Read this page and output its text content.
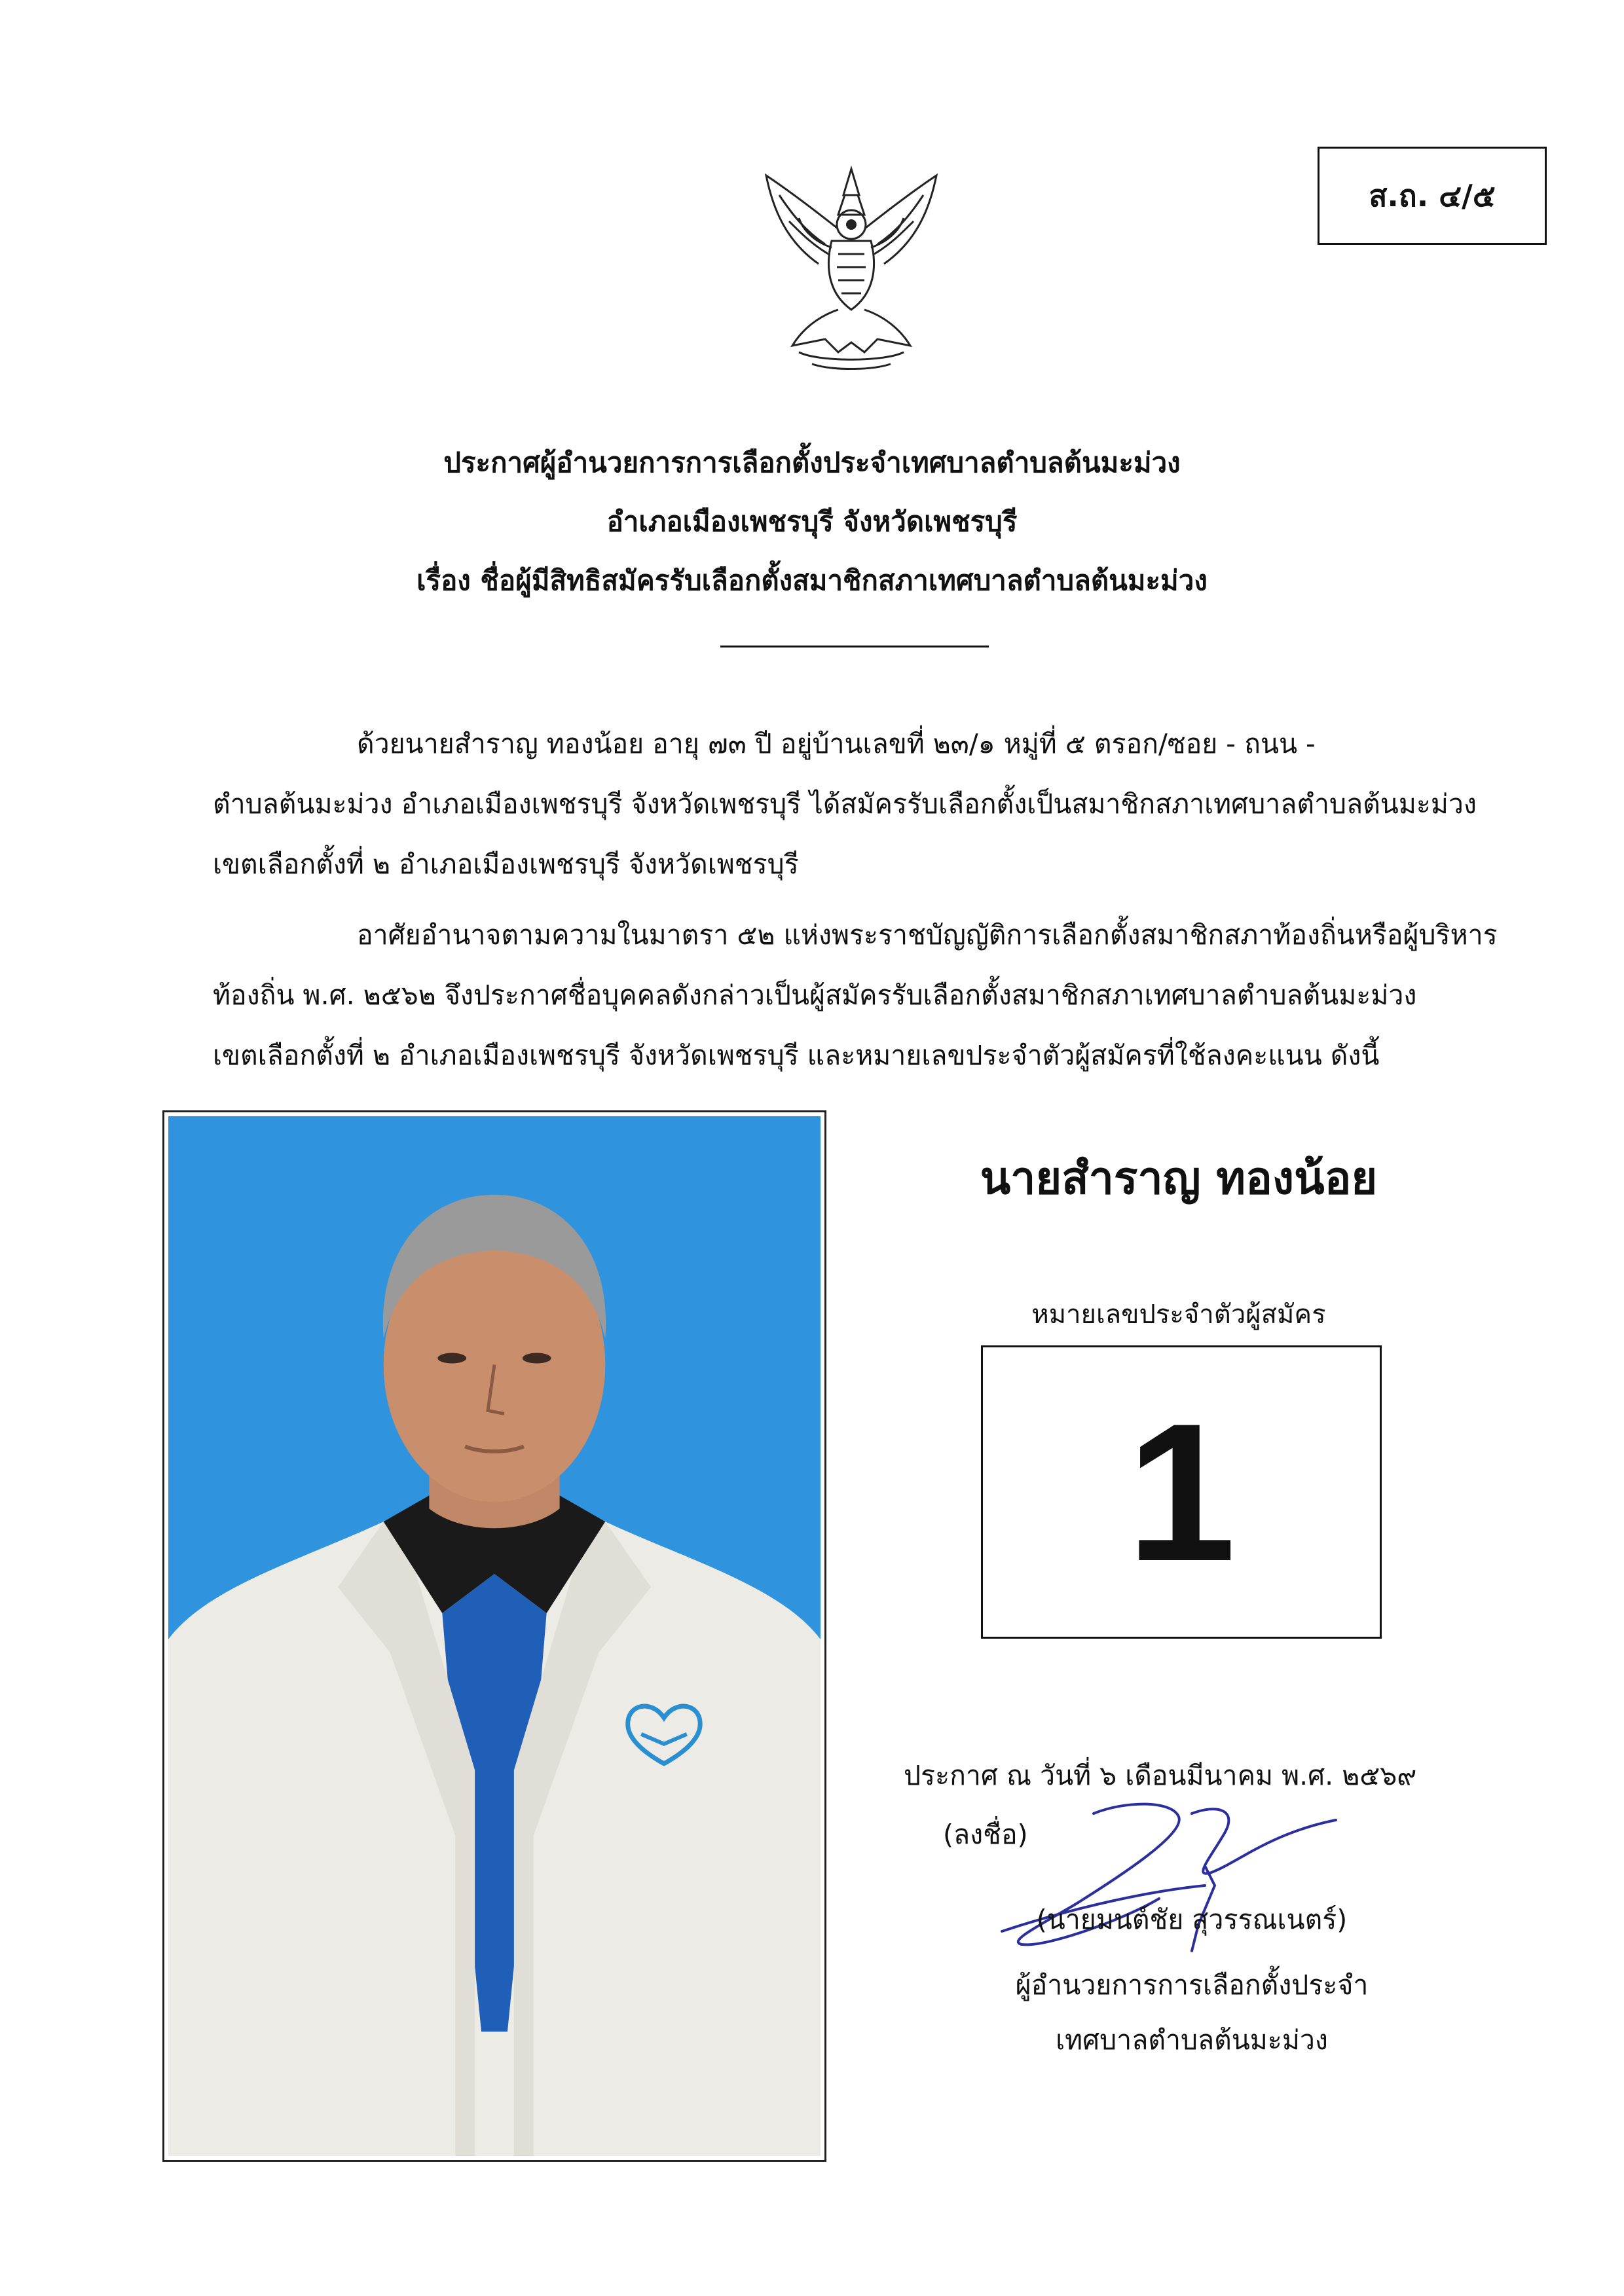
ส.ถ. ๔/๕
ประกาศผู้อำนวยการการเลือกตั้งประจำเทศบาลตำบลต้นมะม่วง
อำเภอเมืองเพชรบุรี จังหวัดเพชรบุรี
เรื่อง ชื่อผู้มีสิทธิสมัครรับเลือกตั้งสมาชิกสภาเทศบาลตำบลต้นมะม่วง
ด้วยนายสำราญ ทองน้อย อายุ ๗๓ ปี อยู่บ้านเลขที่ ๒๓/๑ หมู่ที่ ๕ ตรอก/ซอย - ถนน -
ตำบลต้นมะม่วง อำเภอเมืองเพชรบุรี จังหวัดเพชรบุรี ได้สมัครรับเลือกตั้งเป็นสมาชิกสภาเทศบาลตำบลต้นมะม่วง
เขตเลือกตั้งที่ ๒ อำเภอเมืองเพชรบุรี จังหวัดเพชรบุรี
อาศัยอำนาจตามความในมาตรา ๕๒ แห่งพระราชบัญญัติการเลือกตั้งสมาชิกสภาท้องถิ่นหรือผู้บริหาร
ท้องถิ่น พ.ศ. ๒๕๖๒ จึงประกาศชื่อบุคคลดังกล่าวเป็นผู้สมัครรับเลือกตั้งสมาชิกสภาเทศบาลตำบลต้นมะม่วง
เขตเลือกตั้งที่ ๒ อำเภอเมืองเพชรบุรี จังหวัดเพชรบุรี และหมายเลขประจำตัวผู้สมัครที่ใช้ลงคะแนน ดังนี้
นายสำราญ ทองน้อย
หมายเลขประจำตัวผู้สมัคร
1
ประกาศ ณ วันที่ ๖ เดือนมีนาคม พ.ศ. ๒๕๖๙
(ลงชื่อ)
(นายมนต์ชัย สุวรรณเนตร์)
ผู้อำนวยการการเลือกตั้งประจำ
เทศบาลตำบลต้นมะม่วง
